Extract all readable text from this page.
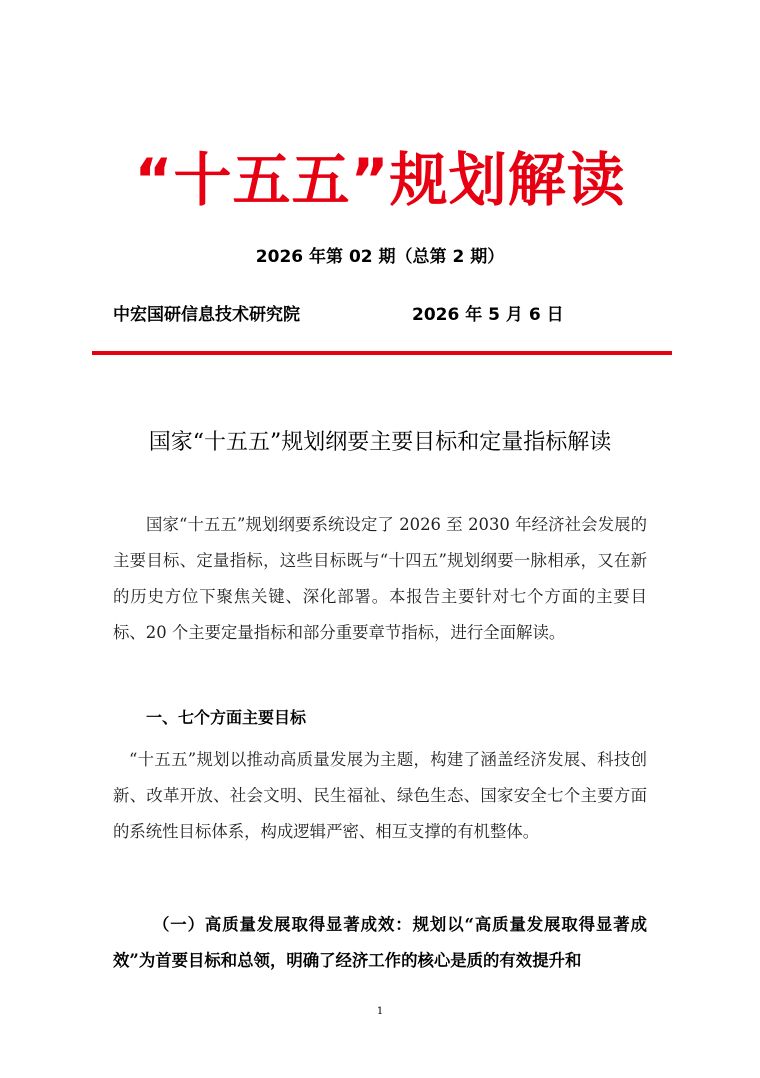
“十五五”规划解读
2026 年第 02 期（总第 2 期）
中宏国研信息技术研究院	2026 年 5 月 6 日
国家“十五五”规划纲要主要目标和定量指标解读
国家“十五五”规划纲要系统设定了 2026 至 2030 年经济社会发展的主要目标、定量指标，这些目标既与“十四五”规划纲要一脉相承，又在新的历史方位下聚焦关键、深化部署。本报告主要针对七个方面的主要目标、20 个主要定量指标和部分重要章节指标，进行全面解读。
一、七个方面主要目标
“十五五”规划以推动高质量发展为主题，构建了涵盖经济发展、科技创新、改革开放、社会文明、民生福祉、绿色生态、国家安全七个主要方面的系统性目标体系，构成逻辑严密、相互支撑的有机整体。
（一）高质量发展取得显著成效：规划以“高质量发展取得显著成效”为首要目标和总领，明确了经济工作的核心是质的有效提升和
1
